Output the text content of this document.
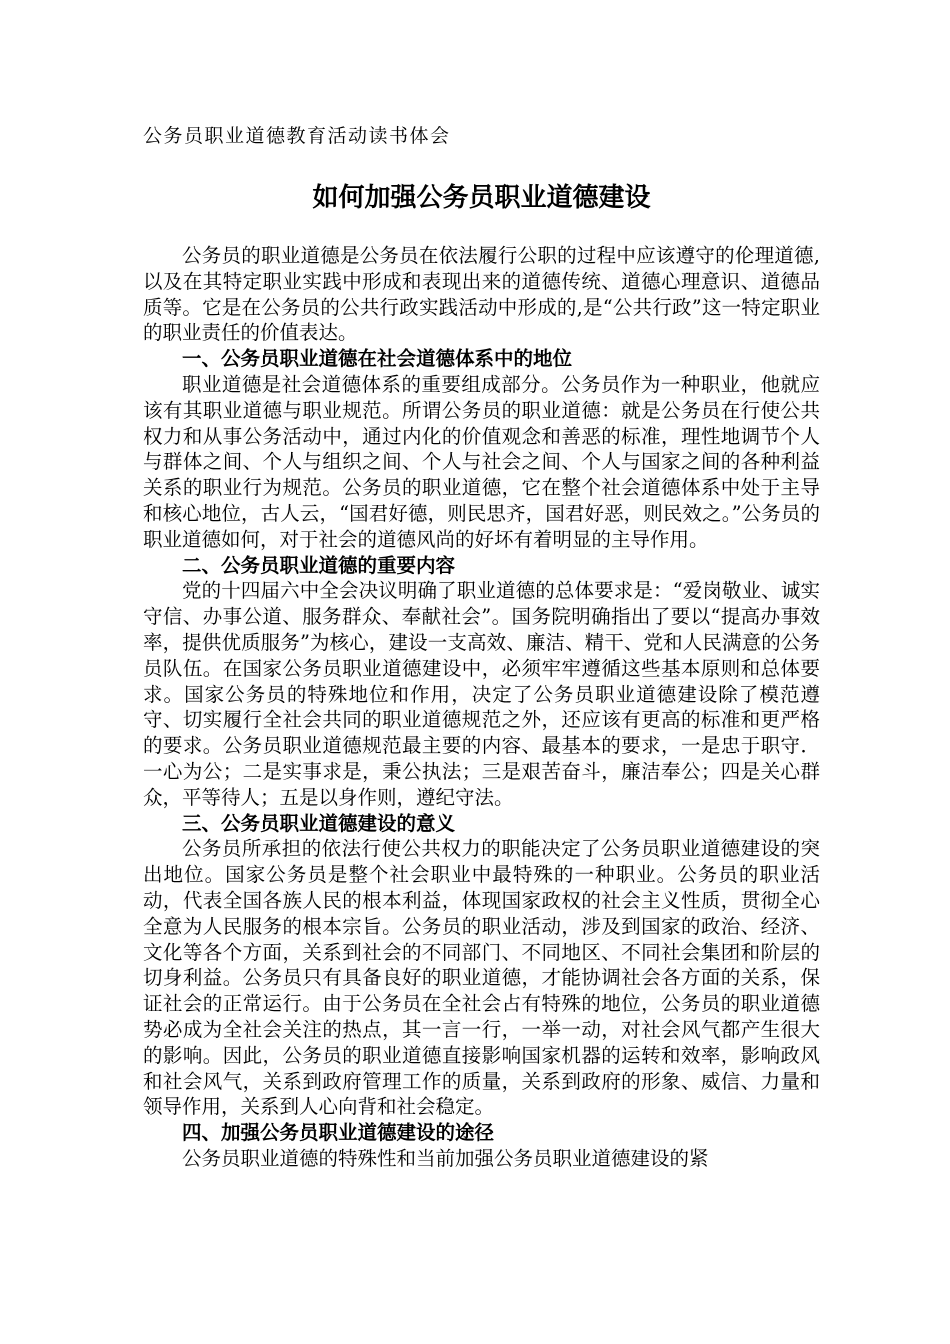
公务员职业道德教育活动读书体会
如何加强公务员职业道德建设

公务员的职业道德是公务员在依法履行公职的过程中应该遵守的伦理道德,以及在其特定职业实践中形成和表现出来的道德传统、道德心理意识、道德品质等。它是在公务员的公共行政实践活动中形成的,是“公共行政”这一特定职业的职业责任的价值表达。

一、公务员职业道德在社会道德体系中的地位

职业道德是社会道德体系的重要组成部分。公务员作为一种职业，他就应该有其职业道德与职业规范。所谓公务员的职业道德：就是公务员在行使公共权力和从事公务活动中，通过内化的价值观念和善恶的标准，理性地调节个人与群体之间、个人与组织之间、个人与社会之间、个人与国家之间的各种利益关系的职业行为规范。公务员的职业道德，它在整个社会道德体系中处于主导和核心地位，古人云，“国君好德，则民思齐，国君好恶，则民效之。”公务员的职业道德如何，对于社会的道德风尚的好坏有着明显的主导作用。

二、公务员职业道德的重要内容

党的十四届六中全会决议明确了职业道德的总体要求是：“爱岗敬业、诚实守信、办事公道、服务群众、奉献社会”。国务院明确指出了要以“提高办事效率，提供优质服务”为核心，建设一支高效、廉洁、精干、党和人民满意的公务员队伍。在国家公务员职业道德建设中，必须牢牢遵循这些基本原则和总体要求。国家公务员的特殊地位和作用，决定了公务员职业道德建设除了模范遵守、切实履行全社会共同的职业道德规范之外，还应该有更高的标准和更严格的要求。公务员职业道德规范最主要的内容、最基本的要求，一是忠于职守．一心为公；二是实事求是，秉公执法；三是艰苦奋斗，廉洁奉公；四是关心群众，平等待人；五是以身作则，遵纪守法。

三、公务员职业道德建设的意义

公务员所承担的依法行使公共权力的职能决定了公务员职业道德建设的突出地位。国家公务员是整个社会职业中最特殊的一种职业。公务员的职业活动，代表全国各族人民的根本利益，体现国家政权的社会主义性质，贯彻全心全意为人民服务的根本宗旨。公务员的职业活动，涉及到国家的政治、经济、文化等各个方面，关系到社会的不同部门、不同地区、不同社会集团和阶层的切身利益。公务员只有具备良好的职业道德，才能协调社会各方面的关系，保证社会的正常运行。由于公务员在全社会占有特殊的地位，公务员的职业道德势必成为全社会关注的热点，其一言一行，一举一动，对社会风气都产生很大的影响。因此，公务员的职业道德直接影响国家机器的运转和效率，影响政风和社会风气，关系到政府管理工作的质量，关系到政府的形象、威信、力量和领导作用，关系到人心向背和社会稳定。

四、加强公务员职业道德建设的途径

公务员职业道德的特殊性和当前加强公务员职业道德建设的紧
